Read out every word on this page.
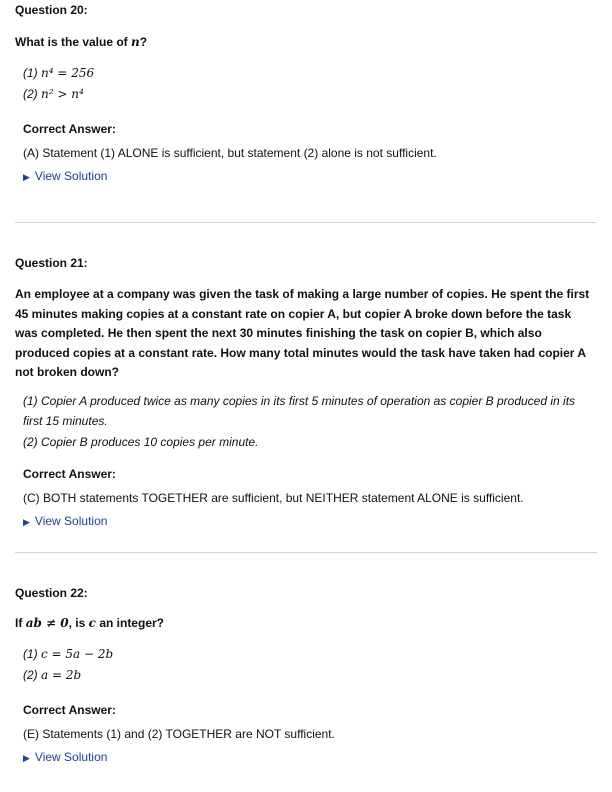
Question 20:
What is the value of n?
(1) n⁴ = 256
(2) n² > n⁴
Correct Answer:
(A) Statement (1) ALONE is sufficient, but statement (2) alone is not sufficient.
▶ View Solution
Question 21:
An employee at a company was given the task of making a large number of copies. He spent the first 45 minutes making copies at a constant rate on copier A, but copier A broke down before the task was completed. He then spent the next 30 minutes finishing the task on copier B, which also produced copies at a constant rate. How many total minutes would the task have taken had copier A not broken down?
(1) Copier A produced twice as many copies in its first 5 minutes of operation as copier B produced in its first 15 minutes.
(2) Copier B produces 10 copies per minute.
Correct Answer:
(C) BOTH statements TOGETHER are sufficient, but NEITHER statement ALONE is sufficient.
▶ View Solution
Question 22:
If ab ≠ 0, is c an integer?
(1) c = 5a − 2b
(2) a = 2b
Correct Answer:
(E) Statements (1) and (2) TOGETHER are NOT sufficient.
▶ View Solution
